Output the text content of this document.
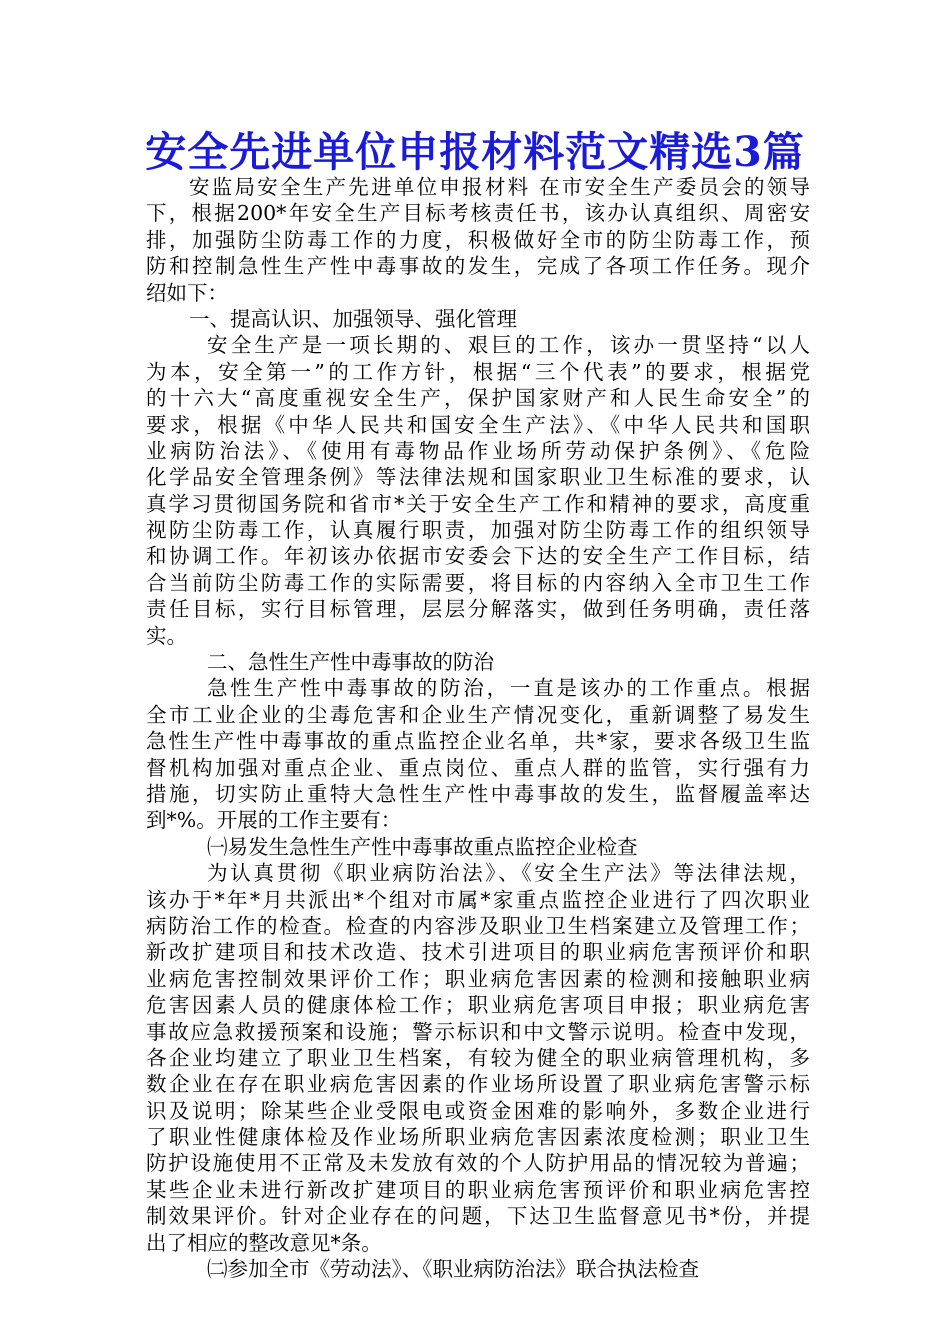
安全先进单位申报材料范文精选3篇
安监局安全生产先进单位申报材料 在市安全生产委员会的领导
下，根据200*年安全生产目标考核责任书，该办认真组织、周密安
排，加强防尘防毒工作的力度，积极做好全市的防尘防毒工作，预
防和控制急性生产性中毒事故的发生，完成了各项工作任务。现介
绍如下：
一、提高认识、加强领导、强化管理
安全生产是一项长期的、艰巨的工作，该办一贯坚持“以人
为本，安全第一”的工作方针，根据“三个代表”的要求，根据党
的十六大“高度重视安全生产，保护国家财产和人民生命安全”的
要求，根据《中华人民共和国安全生产法》、《中华人民共和国职
业病防治法》、《使用有毒物品作业场所劳动保护条例》、《危险
化学品安全管理条例》等法律法规和国家职业卫生标准的要求，认
真学习贯彻国务院和省市*关于安全生产工作和精神的要求，高度重
视防尘防毒工作，认真履行职责，加强对防尘防毒工作的组织领导
和协调工作。年初该办依据市安委会下达的安全生产工作目标，结
合当前防尘防毒工作的实际需要，将目标的内容纳入全市卫生工作
责任目标，实行目标管理，层层分解落实，做到任务明确，责任落
实。
二、急性生产性中毒事故的防治
急性生产性中毒事故的防治，一直是该办的工作重点。根据
全市工业企业的尘毒危害和企业生产情况变化，重新调整了易发生
急性生产性中毒事故的重点监控企业名单，共*家，要求各级卫生监
督机构加强对重点企业、重点岗位、重点人群的监管，实行强有力
措施，切实防止重特大急性生产性中毒事故的发生，监督履盖率达
到*%。开展的工作主要有：
㈠易发生急性生产性中毒事故重点监控企业检查
为认真贯彻《职业病防治法》、《安全生产法》等法律法规，
该办于*年*月共派出*个组对市属*家重点监控企业进行了四次职业
病防治工作的检查。检查的内容涉及职业卫生档案建立及管理工作；
新改扩建项目和技术改造、技术引进项目的职业病危害预评价和职
业病危害控制效果评价工作；职业病危害因素的检测和接触职业病
危害因素人员的健康体检工作；职业病危害项目申报；职业病危害
事故应急救援预案和设施；警示标识和中文警示说明。检查中发现，
各企业均建立了职业卫生档案，有较为健全的职业病管理机构，多
数企业在存在职业病危害因素的作业场所设置了职业病危害警示标
识及说明；除某些企业受限电或资金困难的影响外，多数企业进行
了职业性健康体检及作业场所职业病危害因素浓度检测；职业卫生
防护设施使用不正常及未发放有效的个人防护用品的情况较为普遍；
某些企业未进行新改扩建项目的职业病危害预评价和职业病危害控
制效果评价。针对企业存在的问题，下达卫生监督意见书*份，并提
出了相应的整改意见*条。
㈡参加全市《劳动法》、《职业病防治法》联合执法检查
